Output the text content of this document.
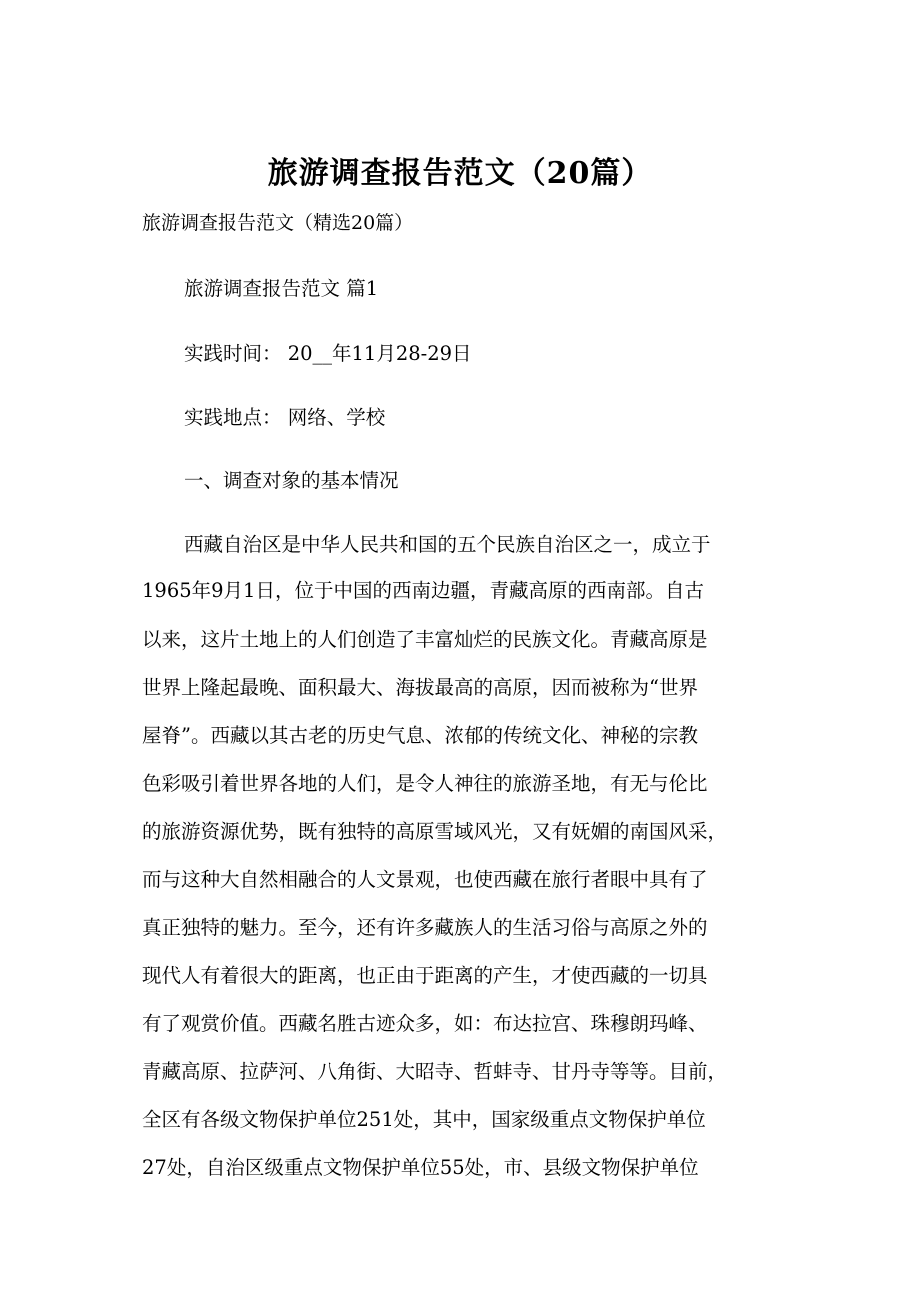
旅游调查报告范文（20篇）
旅游调查报告范文（精选20篇）
旅游调查报告范文 篇1
实践时间： 20__年11月28-29日
实践地点： 网络、学校
一、调查对象的基本情况
西藏自治区是中华人民共和国的五个民族自治区之一，成立于
1965年9月1日，位于中国的西南边疆，青藏高原的西南部。自古
以来，这片土地上的人们创造了丰富灿烂的民族文化。青藏高原是
世界上隆起最晚、面积最大、海拔最高的高原，因而被称为“世界
屋脊”。西藏以其古老的历史气息、浓郁的传统文化、神秘的宗教
色彩吸引着世界各地的人们，是令人神往的旅游圣地，有无与伦比
的旅游资源优势，既有独特的高原雪域风光，又有妩媚的南国风采，
而与这种大自然相融合的人文景观，也使西藏在旅行者眼中具有了
真正独特的魅力。至今，还有许多藏族人的生活习俗与高原之外的
现代人有着很大的距离，也正由于距离的产生，才使西藏的一切具
有了观赏价值。西藏名胜古迹众多，如：布达拉宫、珠穆朗玛峰、
青藏高原、拉萨河、八角街、大昭寺、哲蚌寺、甘丹寺等等。目前，
全区有各级文物保护单位251处，其中，国家级重点文物保护单位
27处，自治区级重点文物保护单位55处，市、县级文物保护单位
